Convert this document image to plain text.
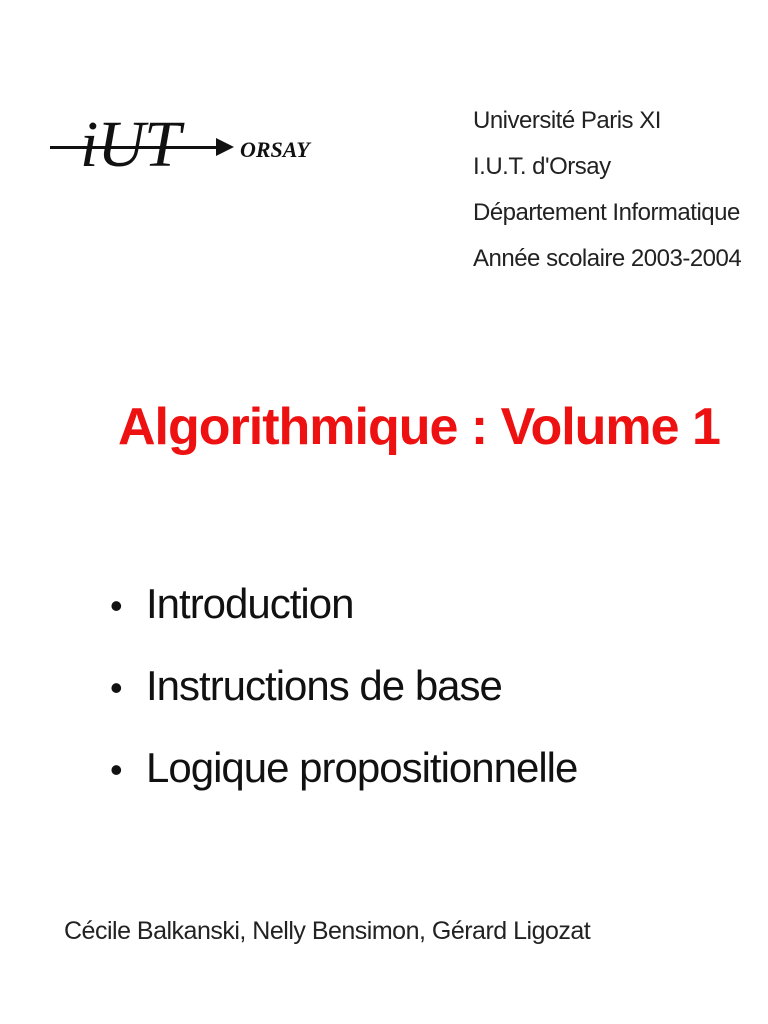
iUT	ORSAY
Université Paris XI
I.U.T. d'Orsay
Département Informatique
Année scolaire 2003-2004
Algorithmique : Volume 1
• Introduction
• Instructions de base
• Logique propositionnelle
Cécile Balkanski, Nelly Bensimon, Gérard Ligozat
